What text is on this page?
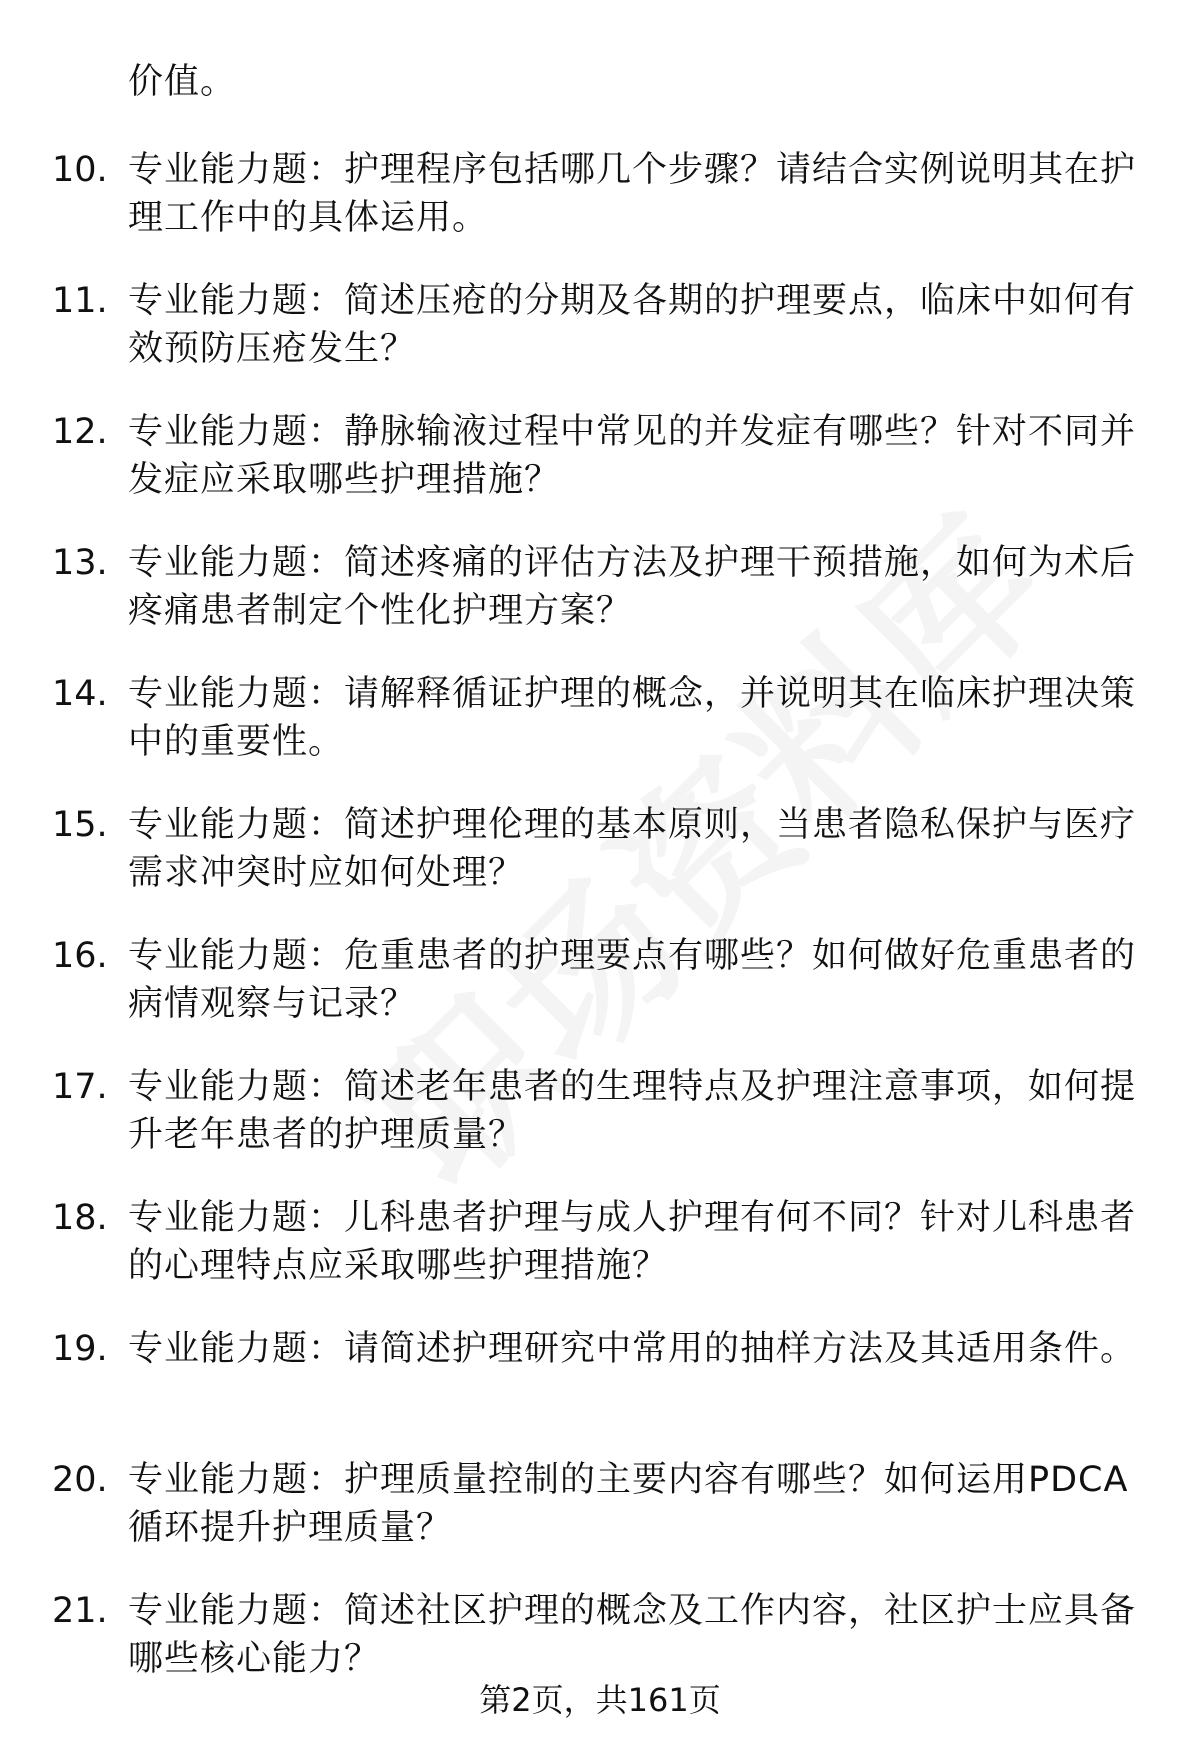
价值。
10. 专业能力题：护理程序包括哪几个步骤？请结合实例说明其在护理工作中的具体运用。
11. 专业能力题：简述压疮的分期及各期的护理要点，临床中如何有效预防压疮发生？
12. 专业能力题：静脉输液过程中常见的并发症有哪些？针对不同并发症应采取哪些护理措施？
13. 专业能力题：简述疼痛的评估方法及护理干预措施，如何为术后疼痛患者制定个性化护理方案？
14. 专业能力题：请解释循证护理的概念，并说明其在临床护理决策中的重要性。
15. 专业能力题：简述护理伦理的基本原则，当患者隐私保护与医疗需求冲突时应如何处理？
16. 专业能力题：危重患者的护理要点有哪些？如何做好危重患者的病情观察与记录？
17. 专业能力题：简述老年患者的生理特点及护理注意事项，如何提升老年患者的护理质量？
18. 专业能力题：儿科患者护理与成人护理有何不同？针对儿科患者的心理特点应采取哪些护理措施？
19. 专业能力题：请简述护理研究中常用的抽样方法及其适用条件。
20. 专业能力题：护理质量控制的主要内容有哪些？如何运用PDCA循环提升护理质量？
21. 专业能力题：简述社区护理的概念及工作内容，社区护士应具备哪些核心能力？
第2页，共161页
